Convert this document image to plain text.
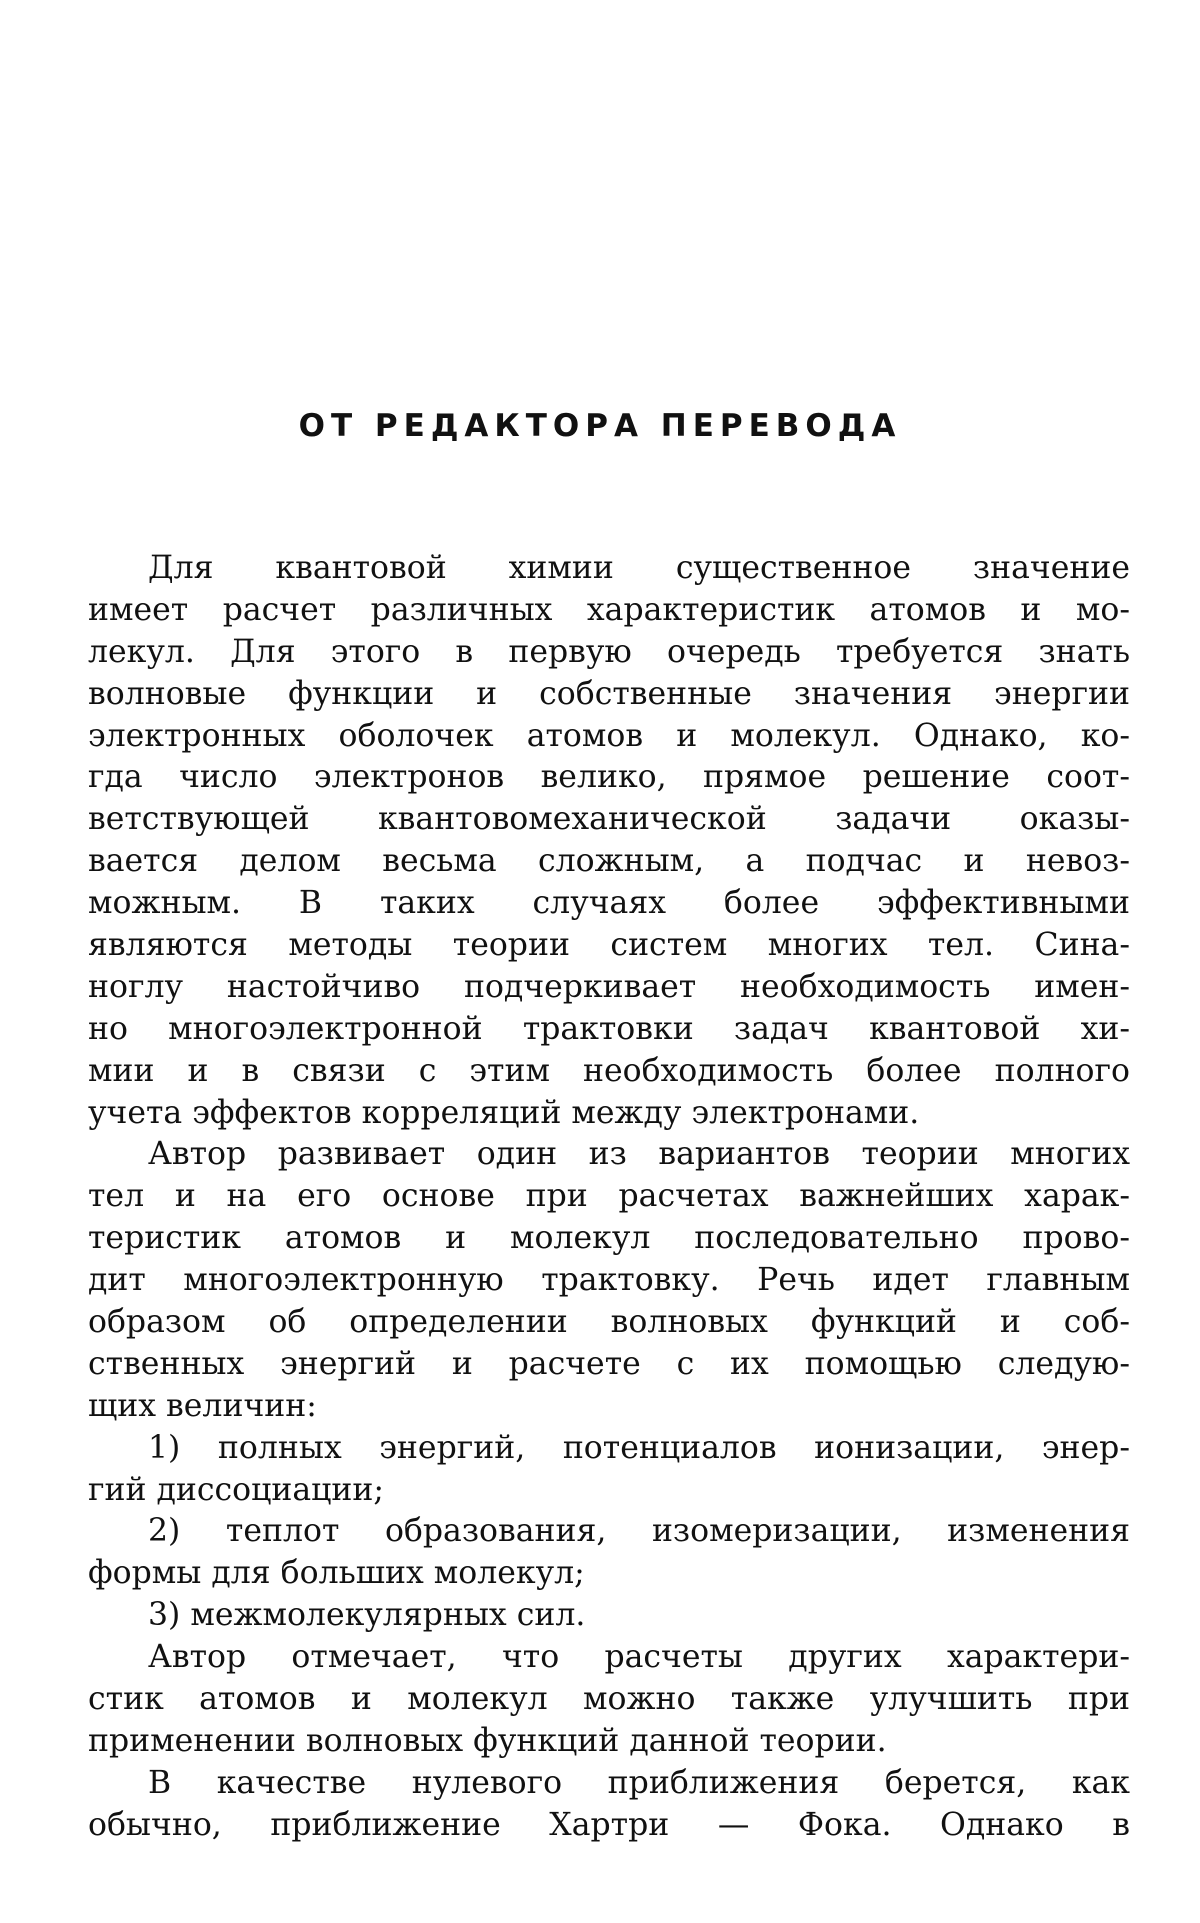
ОТ РЕДАКТОРА ПЕРЕВОДА
Для квантовой химии существенное значение
имеет расчет различных характеристик атомов и мо-
лекул. Для этого в первую очередь требуется знать
волновые функции и собственные значения энергии
электронных оболочек атомов и молекул. Однако, ко-
гда число электронов велико, прямое решение соот-
ветствующей квантовомеханической задачи оказы-
вается делом весьма сложным, а подчас и невоз-
можным. В таких случаях более эффективными
являются методы теории систем многих тел. Сина-
ноглу настойчиво подчеркивает необходимость имен-
но многоэлектронной трактовки задач квантовой хи-
мии и в связи с этим необходимость более полного
учета эффектов корреляций между электронами.
Автор развивает один из вариантов теории многих
тел и на его основе при расчетах важнейших харак-
теристик атомов и молекул последовательно прово-
дит многоэлектронную трактовку. Речь идет главным
образом об определении волновых функций и соб-
ственных энергий и расчете с их помощью следую-
щих величин:
1) полных энергий, потенциалов ионизации, энер-
гий диссоциации;
2) теплот образования, изомеризации, изменения
формы для больших молекул;
3) межмолекулярных сил.
Автор отмечает, что расчеты других характери-
стик атомов и молекул можно также улучшить при
применении волновых функций данной теории.
В качестве нулевого приближения берется, как
обычно, приближение Хартри — Фока. Однако в
